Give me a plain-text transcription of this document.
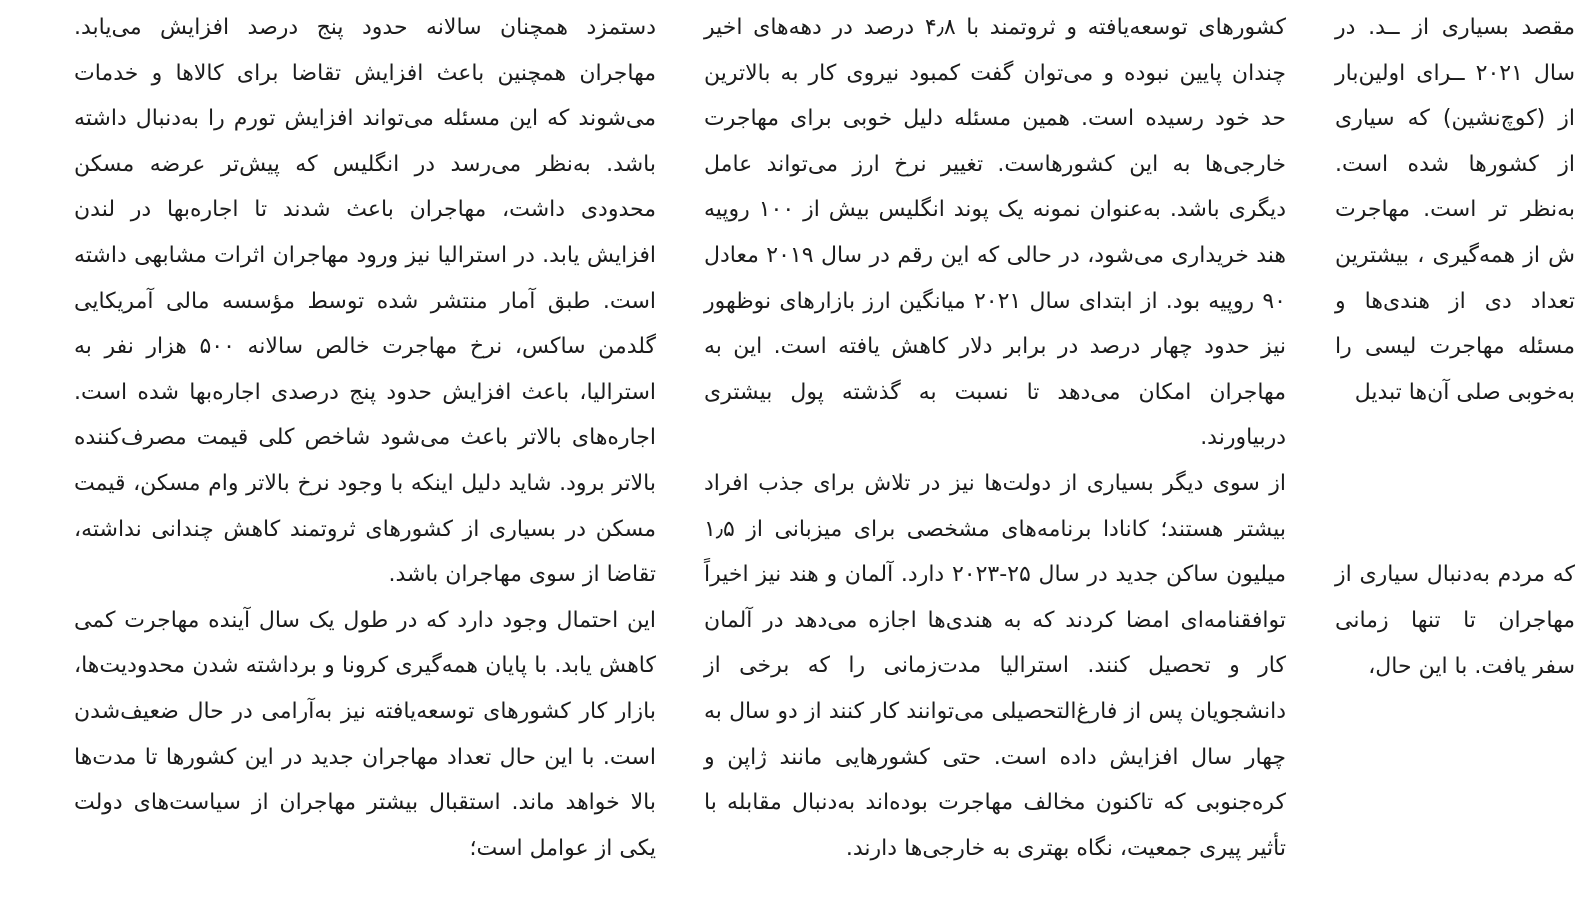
دستمزد همچنان سالانه حدود پنج درصد افزایش می‌یابد. مهاجران همچنین باعث افزایش تقاضا برای کالاها و خدمات می‌شوند که این مسئله می‌تواند افزایش تورم را به‌دنبال داشته باشد. به‌نظر می‌رسد در انگلیس که پیش‌تر عرضه مسکن محدودی داشت، مهاجران باعث شدند تا اجاره‌بها در لندن افزایش یابد. در استرالیا نیز ورود مهاجران اثرات مشابهی داشته است. طبق آمار منتشر شده توسط مؤسسه مالی آمریکایی گلدمن ساکس، نرخ مهاجرت خالص سالانه ۵۰۰ هزار نفر به استرالیا، باعث افزایش حدود پنج درصدی اجاره‌بها شده است. اجاره‌های بالاتر باعث می‌شود شاخص کلی قیمت مصرف‌کننده بالاتر برود. شاید دلیل اینکه با وجود نرخ بالاتر وام مسکن، قیمت مسکن در بسیاری از کشورهای ثروتمند کاهش چندانی نداشته، تقاضا از سوی مهاجران باشد.

این احتمال وجود دارد که در طول یک سال آینده مهاجرت کمی کاهش یابد. با پایان همه‌گیری کرونا و برداشته شدن محدودیت‌ها، بازار کار کشورهای توسعه‌یافته نیز به‌آرامی در حال ضعیف‌شدن است. با این حال تعداد مهاجران جدید در این کشورها تا مدت‌ها بالا خواهد ماند. استقبال بیشتر مهاجران از سیاست‌های دولت یکی از عوامل است؛

کشورهای توسعه‌یافته و ثروتمند با ۴٫۸ درصد در دهه‌های اخیر چندان پایین نبوده و می‌توان گفت کمبود نیروی کار به بالاترین حد خود رسیده است. همین مسئله دلیل خوبی برای مهاجرت خارجی‌ها به این کشورهاست. تغییر نرخ ارز می‌تواند عامل دیگری باشد. به‌عنوان نمونه یک پوند انگلیس بیش از ۱۰۰ روپیه هند خریداری می‌شود، در حالی که این رقم در سال ۲۰۱۹ معادل ۹۰ روپیه بود. از ابتدای سال ۲۰۲۱ میانگین ارز بازارهای نوظهور نیز حدود چهار درصد در برابر دلار کاهش یافته است. این به مهاجران امکان می‌دهد تا نسبت به گذشته پول بیشتری دربیاورند.

از سوی دیگر بسیاری از دولت‌ها نیز در تلاش برای جذب افراد بیشتر هستند؛ کانادا برنامه‌های مشخصی برای میزبانی از ۱٫۵ میلیون ساکن جدید در سال ۲۵-۲۰۲۳ دارد. آلمان و هند نیز اخیراً توافقنامه‌ای امضا کردند که به هندی‌ها اجازه می‌دهد در آلمان کار و تحصیل کنند. استرالیا مدت‌زمانی را که برخی از دانشجویان پس از فارغ‌التحصیلی می‌توانند کار کنند از دو سال به چهار سال افزایش داده است. حتی کشورهایی مانند ژاپن و کره‌جنوبی که تاکنون مخالف مهاجرت بوده‌اند به‌دنبال مقابله با تأثیر پیری جمعیت، نگاه بهتری به خارجی‌ها دارند.

مقصد بسیاری از ــد. در سال ۲۰۲۱ ــرای اولین‌بار از (کوچ‌نشین) که سیاری از کشورها شده است. به‌نظر تر است. مهاجرت ش از همه‌گیری ، بیشترین تعداد دی از هندی‌ها و مسئله مهاجرت لیسی را به‌خوبی صلی آن‌ها تبدیل

که مردم به‌دنبال سیاری از مهاجران تا تنها زمانی سفر یافت. با این حال،
